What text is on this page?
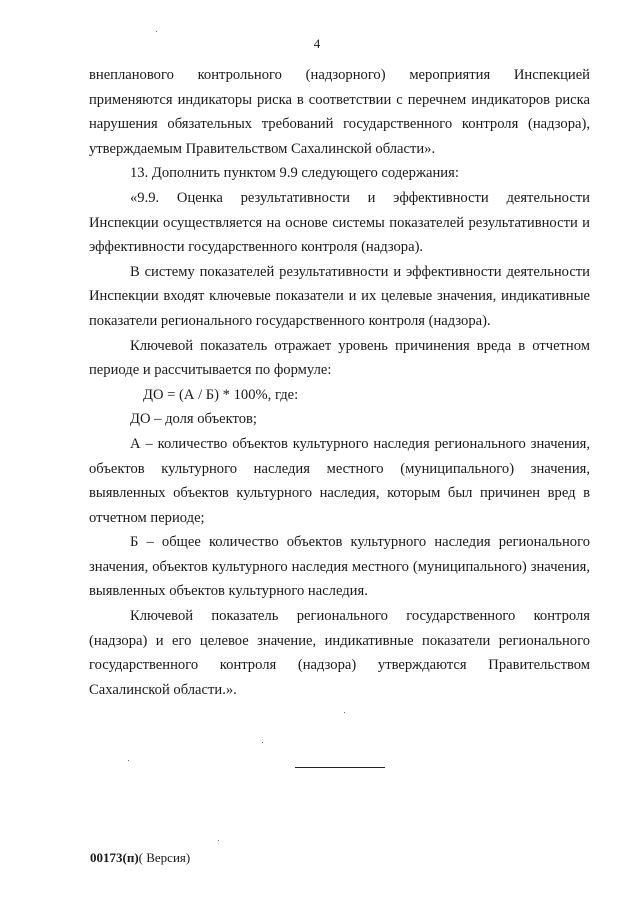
4

внепланового контрольного (надзорного) мероприятия Инспекцией применяются индикаторы риска в соответствии с перечнем индикаторов риска нарушения обязательных требований государственного контроля (надзора), утверждаемым Правительством Сахалинской области».

13. Дополнить пунктом 9.9 следующего содержания:

«9.9. Оценка результативности и эффективности деятельности Инспекции осуществляется на основе системы показателей результативности и эффективности государственного контроля (надзора).

В систему показателей результативности и эффективности деятельности Инспекции входят ключевые показатели и их целевые значения, индикативные показатели регионального государственного контроля (надзора).

Ключевой показатель отражает уровень причинения вреда в отчетном периоде и рассчитывается по формуле:

ДО = (А / Б) * 100%, где:

ДО – доля объектов;

А – количество объектов культурного наследия регионального значения, объектов культурного наследия местного (муниципального) значения, выявленных объектов культурного наследия, которым был причинен вред в отчетном периоде;

Б – общее количество объектов культурного наследия регионального значения, объектов культурного наследия местного (муниципального) значения, выявленных объектов культурного наследия.

Ключевой показатель регионального государственного контроля (надзора) и его целевое значение, индикативные показатели регионального государственного контроля (надзора) утверждаются Правительством Сахалинской области.».

00173(п)( Версия)
